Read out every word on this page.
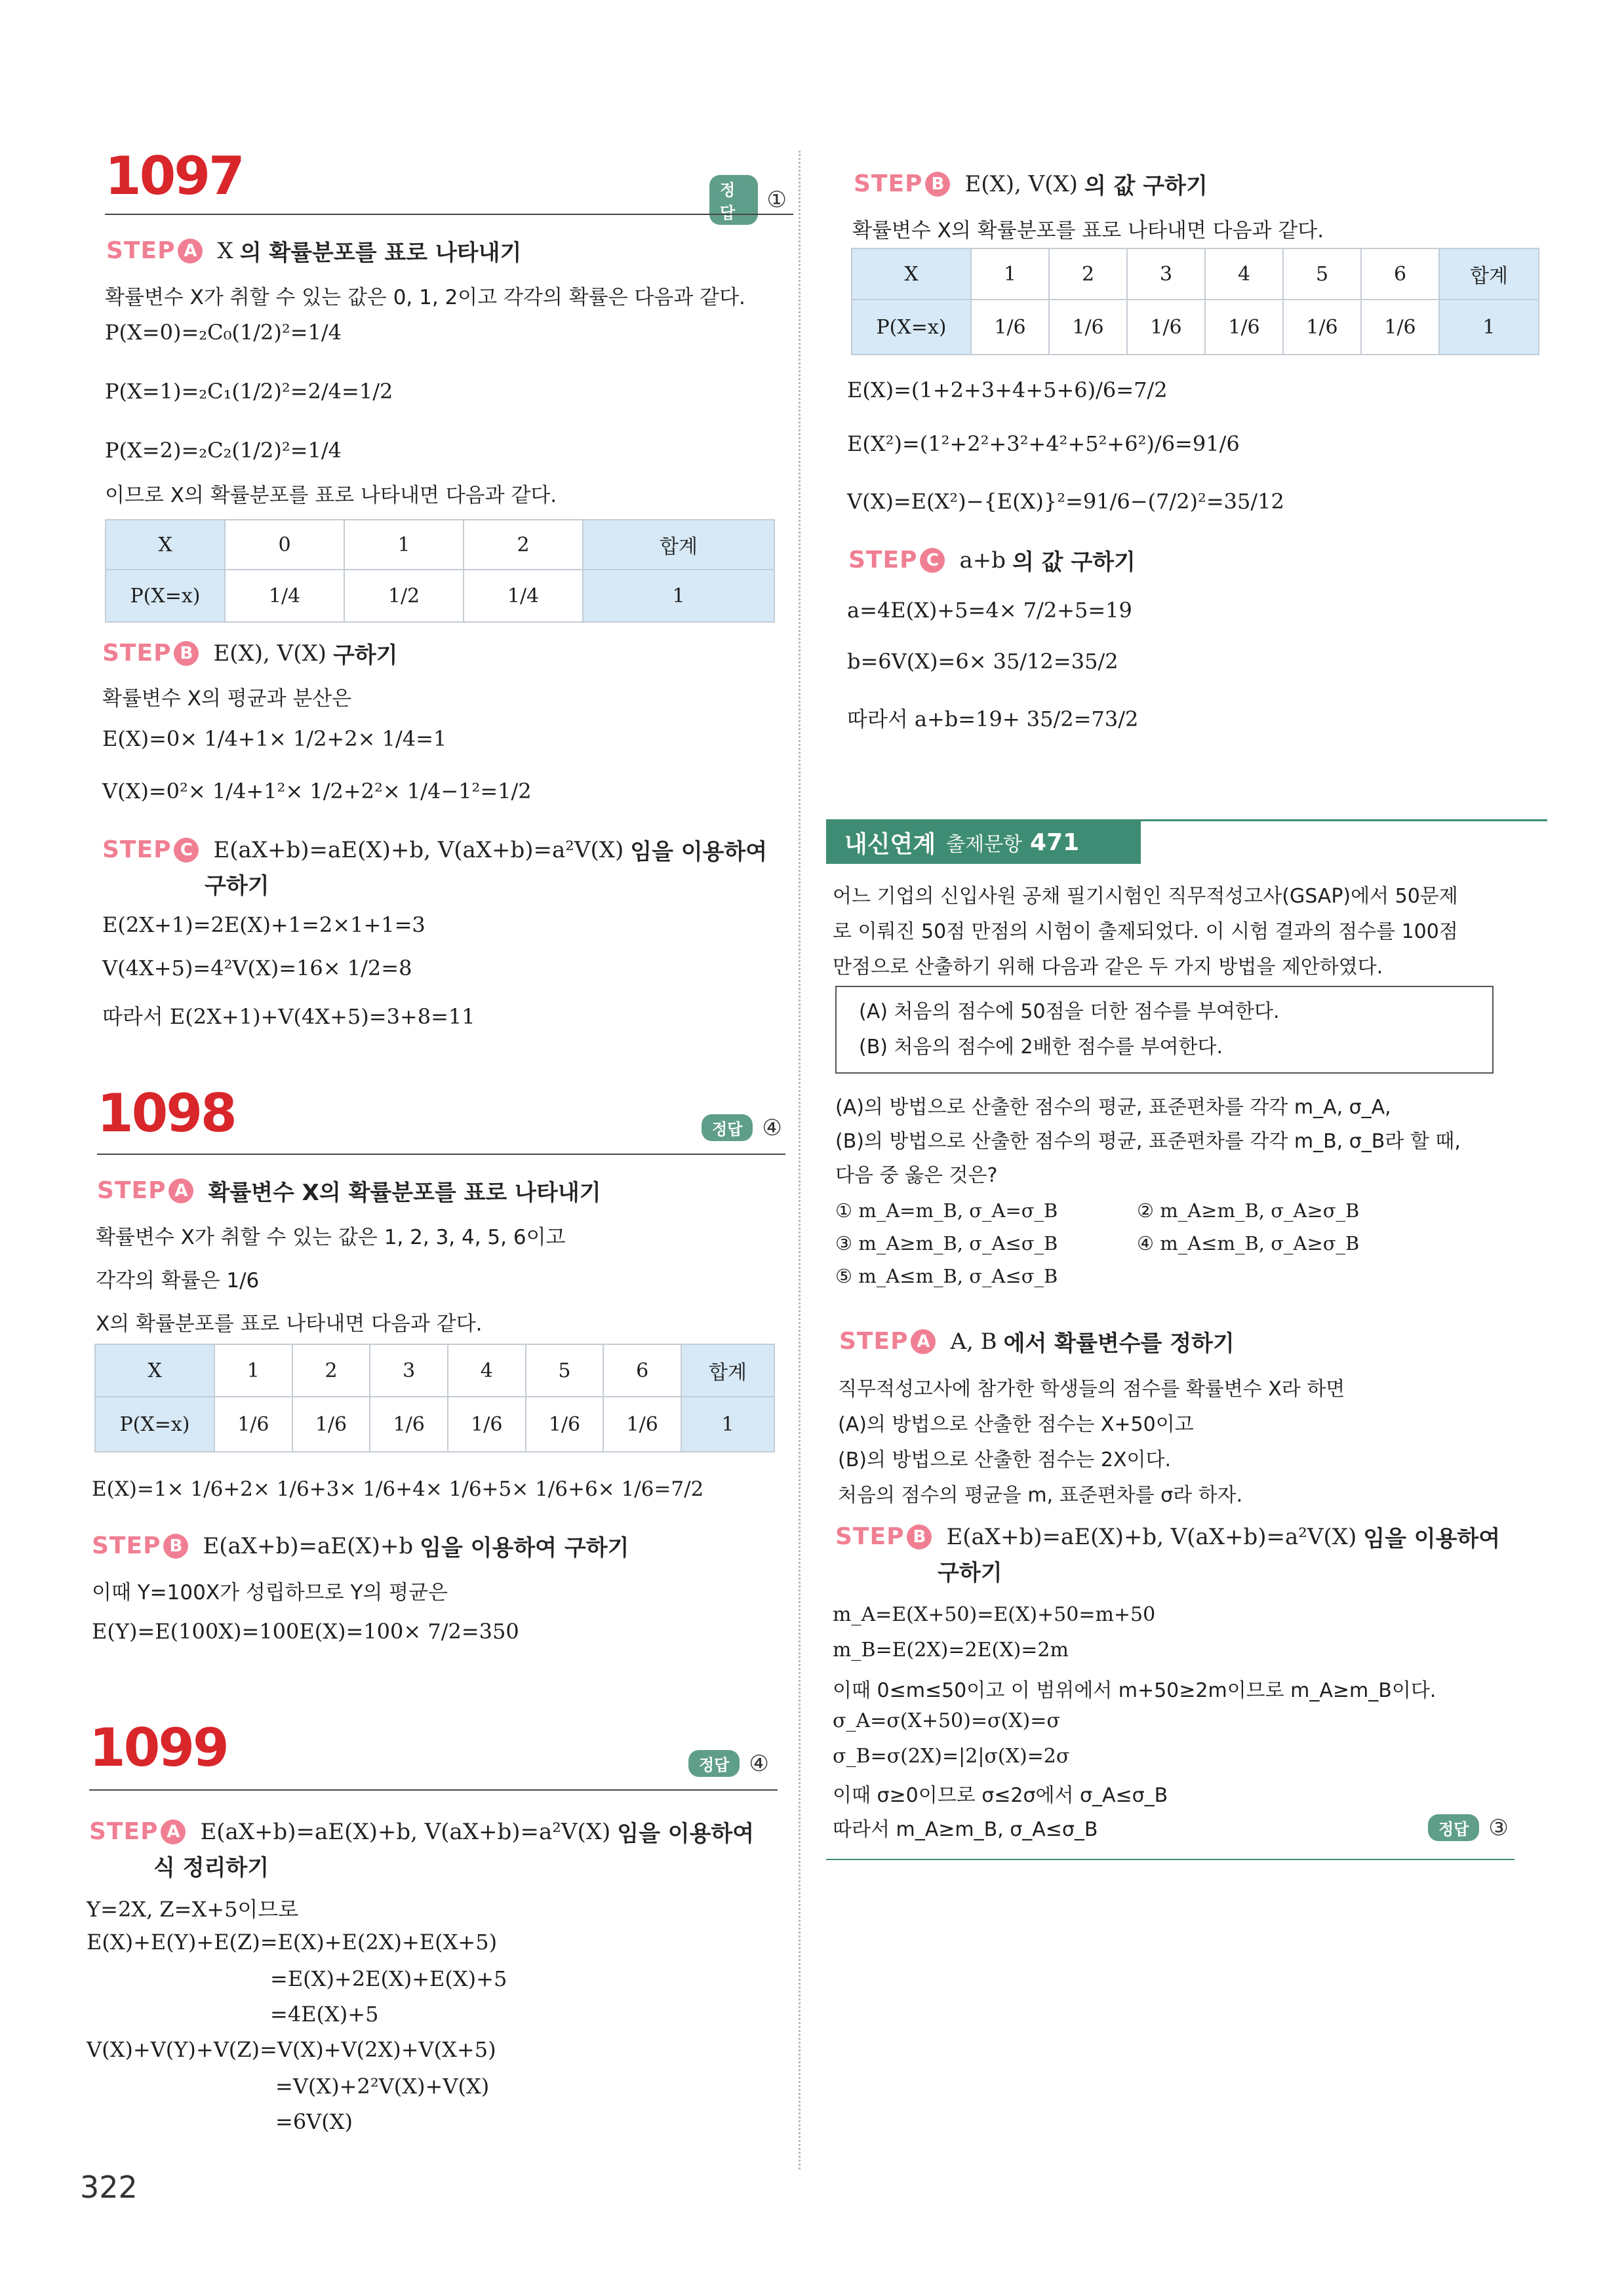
1097	정답	①
STEP A X 의 확률분포를 표로 나타내기
확률변수 X가 취할 수 있는 값은 0, 1, 2이고 각각의 확률은 다음과 같다.
P(X=0)=₂C₀(1/2)²=1/4
P(X=1)=₂C₁(1/2)²=2/4=1/2
P(X=2)=₂C₂(1/2)²=1/4
이므로 X의 확률분포를 표로 나타내면 다음과 같다.
X	0	1	2	합계
P(X=x)	1/4	1/2	1/4	1
STEP B E(X), V(X) 구하기
확률변수 X의 평균과 분산은
E(X)=0× 1/4+1× 1/2+2× 1/4=1
V(X)=0²× 1/4+1²× 1/2+2²× 1/4−1²=1/2
STEP C E(aX+b)=aE(X)+b, V(aX+b)=a²V(X) 임을 이용하여
구하기
E(2X+1)=2E(X)+1=2×1+1=3
V(4X+5)=4²V(X)=16× 1/2=8
따라서 E(2X+1)+V(4X+5)=3+8=11
1098	정답 ④
STEP A 확률변수 X의 확률분포를 표로 나타내기
확률변수 X가 취할 수 있는 값은 1, 2, 3, 4, 5, 6이고
각각의 확률은 1/6
X의 확률분포를 표로 나타내면 다음과 같다.
X	1	2	3	4	5	6	합계
P(X=x)	1/6	1/6	1/6	1/6	1/6	1/6	1
E(X)=1× 1/6+2× 1/6+3× 1/6+4× 1/6+5× 1/6+6× 1/6=7/2
STEP B E(aX+b)=aE(X)+b 임을 이용하여 구하기
이때 Y=100X가 성립하므로 Y의 평균은
E(Y)=E(100X)=100E(X)=100× 7/2=350
1099	정답 ④
STEP A E(aX+b)=aE(X)+b, V(aX+b)=a²V(X) 임을 이용하여
식 정리하기
Y=2X, Z=X+5이므로
E(X)+E(Y)+E(Z)=E(X)+E(2X)+E(X+5)
=E(X)+2E(X)+E(X)+5
=4E(X)+5
V(X)+V(Y)+V(Z)=V(X)+V(2X)+V(X+5)
=V(X)+2²V(X)+V(X)
=6V(X)
STEP B E(X), V(X) 의 값 구하기
확률변수 X의 확률분포를 표로 나타내면 다음과 같다.
X	1	2	3	4	5	6	합계
P(X=x)	1/6	1/6	1/6	1/6	1/6	1/6	1
E(X)=(1+2+3+4+5+6)/6=7/2
E(X²)=(1²+2²+3²+4²+5²+6²)/6=91/6
V(X)=E(X²)−{E(X)}²=91/6−(7/2)²=35/12
STEP C a+b 의 값 구하기
a=4E(X)+5=4× 7/2+5=19
b=6V(X)=6× 35/12=35/2
따라서 a+b=19+ 35/2=73/2
내신연계 출제문항 471
어느 기업의 신입사원 공채 필기시험인 직무적성고사(GSAP)에서 50문제
로 이뤄진 50점 만점의 시험이 출제되었다. 이 시험 결과의 점수를 100점
만점으로 산출하기 위해 다음과 같은 두 가지 방법을 제안하였다.
(A) 처음의 점수에 50점을 더한 점수를 부여한다.
(B) 처음의 점수에 2배한 점수를 부여한다.
(A)의 방법으로 산출한 점수의 평균, 표준편차를 각각 m_A, σ_A,
(B)의 방법으로 산출한 점수의 평균, 표준편차를 각각 m_B, σ_B라 할 때,
다음 중 옳은 것은?
① m_A=m_B, σ_A=σ_B	② m_A≥m_B, σ_A≥σ_B
③ m_A≥m_B, σ_A≤σ_B	④ m_A≤m_B, σ_A≥σ_B
⑤ m_A≤m_B, σ_A≤σ_B
STEP A A, B 에서 확률변수를 정하기
직무적성고사에 참가한 학생들의 점수를 확률변수 X라 하면
(A)의 방법으로 산출한 점수는 X+50이고
(B)의 방법으로 산출한 점수는 2X이다.
처음의 점수의 평균을 m, 표준편차를 σ라 하자.
STEP B E(aX+b)=aE(X)+b, V(aX+b)=a²V(X) 임을 이용하여
구하기
m_A=E(X+50)=E(X)+50=m+50
m_B=E(2X)=2E(X)=2m
이때 0≤m≤50이고 이 범위에서 m+50≥2m이므로 m_A≥m_B이다.
σ_A=σ(X+50)=σ(X)=σ
σ_B=σ(2X)=|2|σ(X)=2σ
이때 σ≥0이므로 σ≤2σ에서 σ_A≤σ_B
따라서 m_A≥m_B, σ_A≤σ_B	정답 ③
322
